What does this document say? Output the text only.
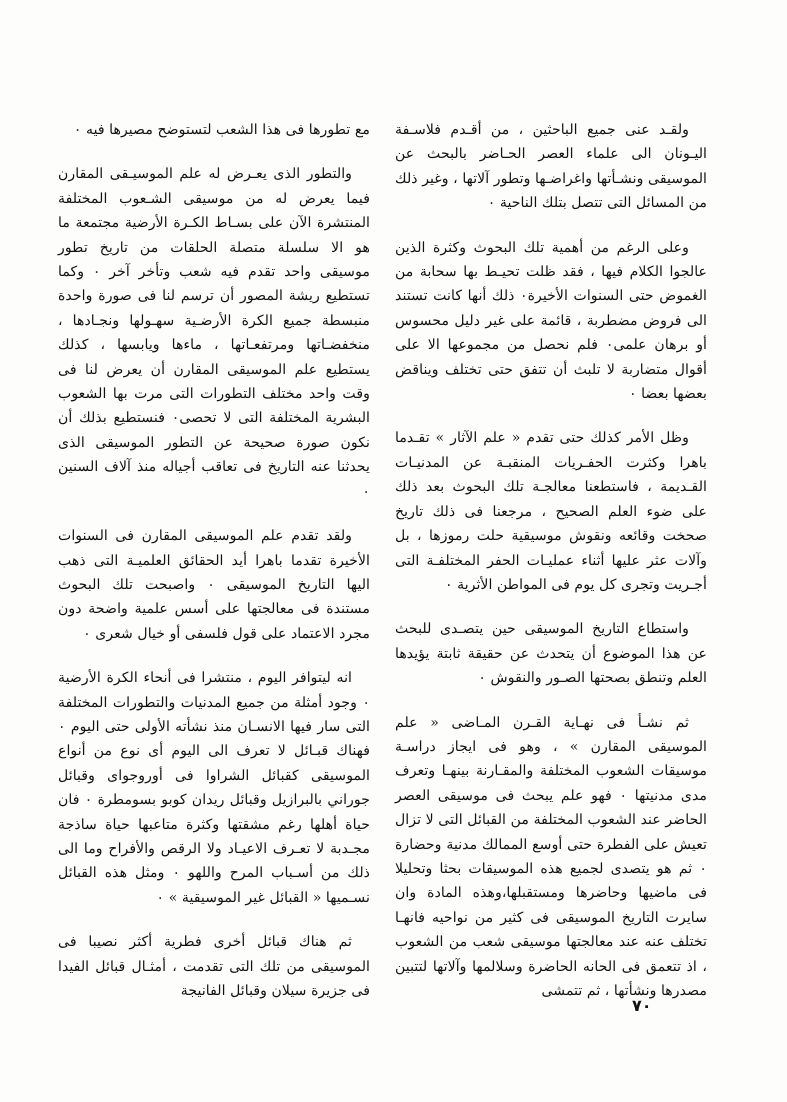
ولقـد عنى جميع الباحثين ، من أقـدم فلاسـفة اليـونان الى علماء العصر الحـاضر بالبحث عن الموسيقى ونشـأتها واغراضـها وتطور آلاتها ، وغير ذلك من المسائل التى تتصل بتلك الناحية ٠

وعلى الرغم من أهمية تلك البحوث وكثرة الذين عالجوا الكلام فيها ، فقد ظلت تحيـط بها سحابة من الغموض حتى السنوات الأخيرة٠ ذلك أنها كانت تستند الى فروض مضطربة ، قائمة على غير دليل محسوس أو برهان علمى٠ فلم نحصل من مجموعها الا على أقوال متضاربة لا تلبث أن تتفق حتى تختلف ويناقض بعضها بعضا ٠

وظل الأمر كذلك حتى تقدم « علم الآثار » تقـدما باهرا وكثرت الحفـريات المنقبـة عن المدنيـات القـديمة ، فاستطعنا معالجـة تلك البحوث بعد ذلك على ضوء العلم الصحيح ، مرجعنا فى ذلك تاريخ صحخت وقائعه ونقوش موسيقية حلت رموزها ، بل وآلات عثر عليها أثناء عمليـات الحفر المختلفـة التى أجـريت وتجرى كل يوم فى المواطن الأثرية ٠

واستطاع التاريخ الموسيقى حين يتصـدى للبحث عن هذا الموضوع أن يتحدث عن حقيقة ثابتة يؤيدها العلم وتنطق بصحتها الصـور والنقوش ٠

ثم نشـأ فى نهـاية القـرن المـاضى « علم الموسيقى المقارن » ، وهو فى ايجاز دراسـة موسيقات الشعوب المختلفة والمقـارنة بينهـا وتعرف مدى مدنيتها ٠ فهو علم يبحث فى موسيقى العصر الحاضر عند الشعوب المختلفة من القبائل التى لا تزال تعيش على الفطرة حتى أوسع الممالك مدنية وحضارة ٠ ثم هو يتصدى لجميع هذه الموسيقات بحثا وتحليلا فى ماضيها وحاضرها ومستقبلها،وهذه المادة وان سايرت التاريخ الموسيقى فى كثير من نواحيه فانهـا تختلف عنه عند معالجتها موسيقى شعب من الشعوب ، اذ تتعمق فى الحانه الحاضرة وسلالمها وآلاتها لتتبين مصدرها ونشأتها ، ثم تتمشى

مع تطورها فى هذا الشعب لتستوضح مصيرها فيه ٠

والتطور الذى يعـرض له علم الموسيـقى المقارن فيما يعرض له من موسيقى الشـعوب المختلفة المنتشرة الآن على بسـاط الكـرة الأرضية مجتمعة ما هو الا سلسلة متصلة الحلقات من تاريخ تطور موسيقى واحد تقدم فيه شعب وتأخر آخر ٠ وكما تستطيع ريشة المصور أن ترسم لنا فى صورة واحدة منبسطة جميع الكرة الأرضـية سهـولها ونجـادها ، منخفضـاتها ومرتفعـاتها ، ماءها ويابسها ، كذلك يستطيع علم الموسيقى المقارن أن يعرض لنا فى وقت واحد مختلف التطورات التى مرت بها الشعوب البشرية المختلفة التى لا تحصى٠ فنستطيع بذلك أن نكون صورة صحيحة عن التطور الموسيقى الذى يحدثنا عنه التاريخ فى تعاقب أجياله منذ آلاف السنين ٠

ولقد تقدم علم الموسيقى المقارن فى السنوات الأخيرة تقدما باهرا أيد الحقائق العلميـة التى ذهب اليها التاريخ الموسيقى ٠ واصبحت تلك البحوث مستندة فى معالجتها على أسس علمية واضحة دون مجرد الاعتماد على قول فلسفى أو خيال شعرى ٠

انه ليتوافر اليوم ، منتشرا فى أنحاء الكرة الأرضية ٠ وجود أمثلة من جميع المدنيات والتطورات المختلفة التى سار فيها الانسـان منذ نشأته الأولى حتى اليوم ٠ فهناك قبـائل لا تعرف الى اليوم أى نوع من أنواع الموسيقى كقبائل الشراوا فى أوروجواى وقبائل جوراني بالبرازيل وقبائل ريدان كوبو بسومطرة ٠ فان حياة أهلها رغم مشقتها وكثرة متاعبها حياة ساذجة مجـدبة لا تعـرف الاعيـاد ولا الرقص والأفراح وما الى ذلك من أسـباب المرح واللهو ٠ ومثل هذه القبائل نسـميها « القبائل غير الموسيقية » ٠

ثم هناك قبائل أخرى فطرية أكثر نصيبا فى الموسيقى من تلك التى تقدمت ، أمثـال قبائل الفيدا فى جزيرة سيلان وقبائل الفانيجة

٧٠
